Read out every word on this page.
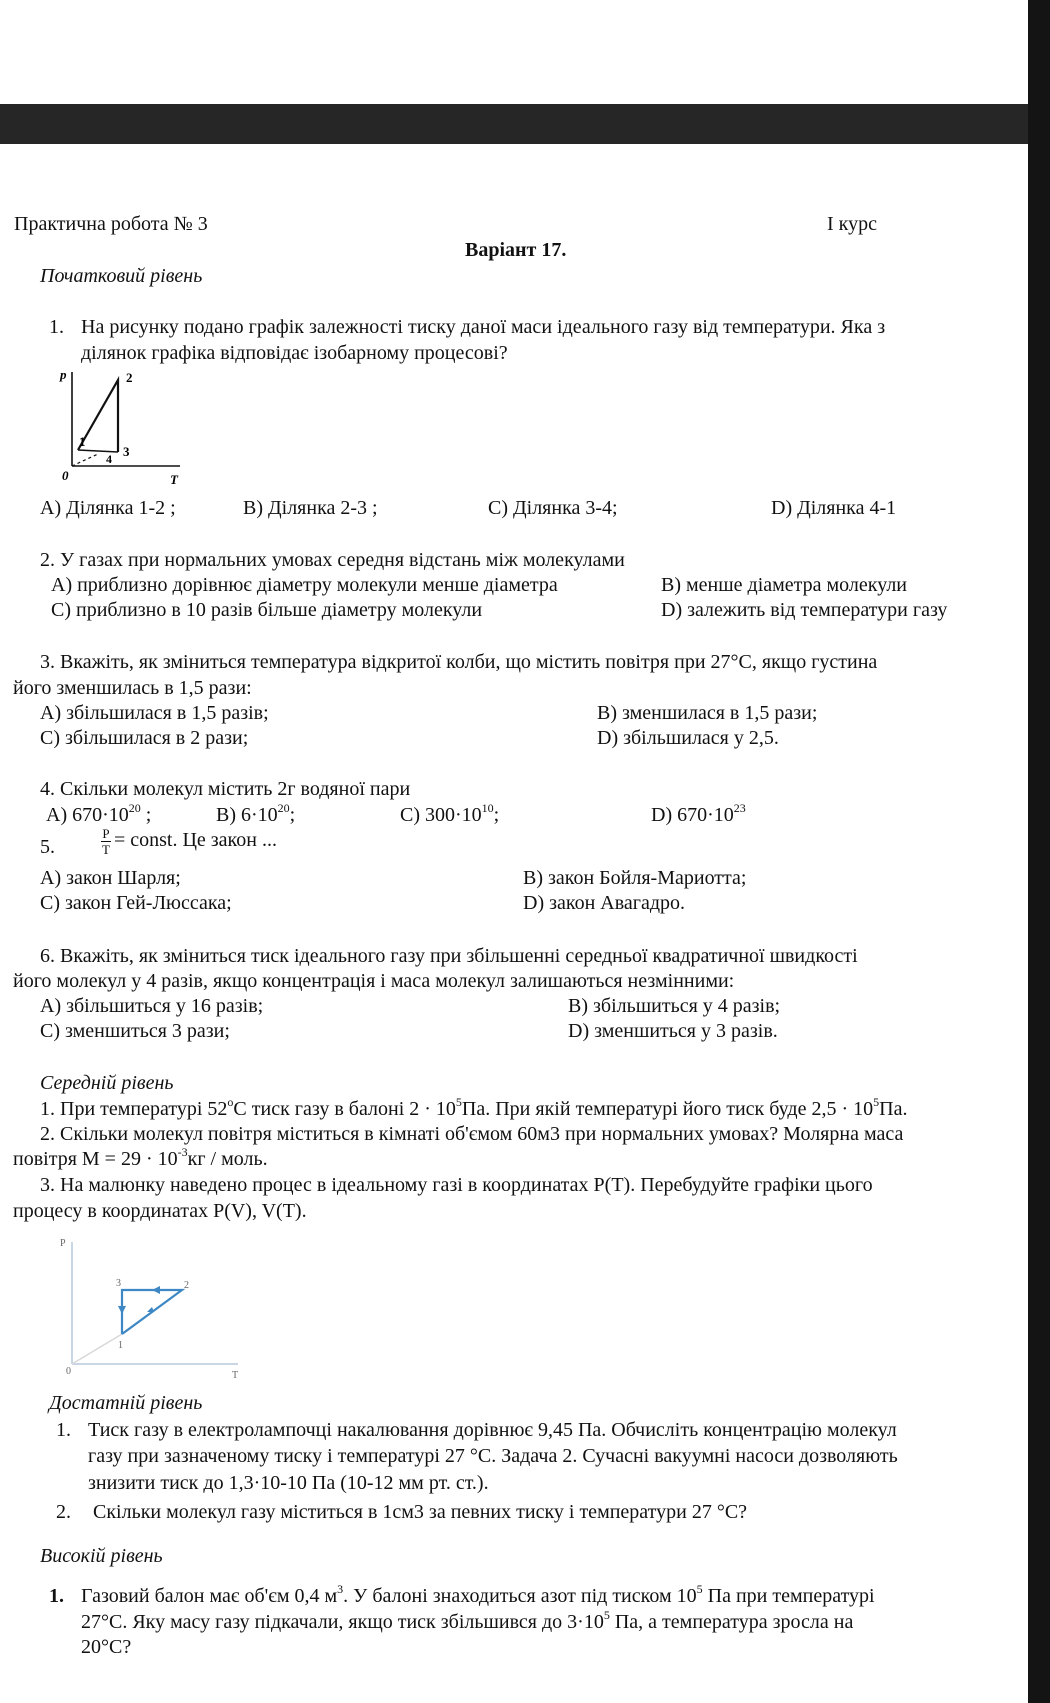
Практична робота № 3	І курс
Варіант 17.
Початковий рівень
1. На рисунку подано графік залежності тиску даної маси ідеального газу від температури. Яка з
ділянок графіка відповідає ізобарному процесові?
p
T
0
2
1
3
4
A) Ділянка 1-2 ;	B) Ділянка 2-3 ;	C) Ділянка 3-4;	D) Ділянка 4-1
2. У газах при нормальних умовах середня відстань між молекулами
A) приблизно дорівнює діаметру молекули менше діаметра	B) менше діаметра молекули
C) приблизно в 10 разів більше діаметру молекули	D) залежить від температури газу
3. Вкажіть, як зміниться температура відкритої колби, що містить повітря при 27°C, якщо густина
його зменшилась в 1,5 рази:
A) збільшилася в 1,5 разів;	B) зменшилася в 1,5 рази;
C) збільшилася в 2 рази;	D) збільшилася у 2,5.
4. Скільки молекул містить 2г водяної пари
A) $670\cdot 10^{20}$ ;	B) $6\cdot 10^{20}$;	C) $300\cdot 10^{10}$;	D) $670\cdot 10^{23}$
5.	$\frac{P}{T}$ = const. Це закон ...
A) закон Шарля;	B) закон Бойля-Мариотта;
C) закон Гей-Люссака;	D) закон Авагадро.
6. Вкажіть, як зміниться тиск ідеального газу при збільшенні середньої квадратичної швидкості
його молекул у 4 разів, якщо концентрація і маса молекул залишаються незмінними:
A) збільшиться у 16 разів;	B) збільшиться у 4 разів;
C) зменшиться 3 рази;	D) зменшиться у 3 разів.
Середній рівень
1. При температурі 52$^o$С тиск газу в балоні $2 \cdot 10^5Па$. При якій температурі його тиск буде $2,5 \cdot 10^5Па$.
2. Скільки молекул повітря міститься в кімнаті об'ємом 60м3 при нормальних умовах? Молярна маса
повітря $М = 29 \cdot 10^{-3}кг$ / моль.
3. На малюнку наведено процес в ідеальному газі в координатах P(T). Перебудуйте графіки цього
процесу в координатах P(V), V(T).
P
T
0
3	2
1
Достатній рівень
1. Тиск газу в електролампочці накалювання дорівнює 9,45 Па. Обчисліть концентрацію молекул
газу при зазначеному тиску і температурі 27 °С. Задача 2. Сучасні вакуумні насоси дозволяють
знизити тиск до 1,3·10-10 Па (10-12 мм рт. ст.).
2. Скільки молекул газу міститься в 1см3 за певних тиску і температури 27 °С?
Високій рівень
1. Газовий балон має об'єм 0,4 $м^3$. У балоні знаходиться азот під тиском $10^5$ Па при температурі
27°С. Яку масу газу підкачали, якщо тиск збільшився до $3\cdot 10^5$ Па, а температура зросла на
20°С?
